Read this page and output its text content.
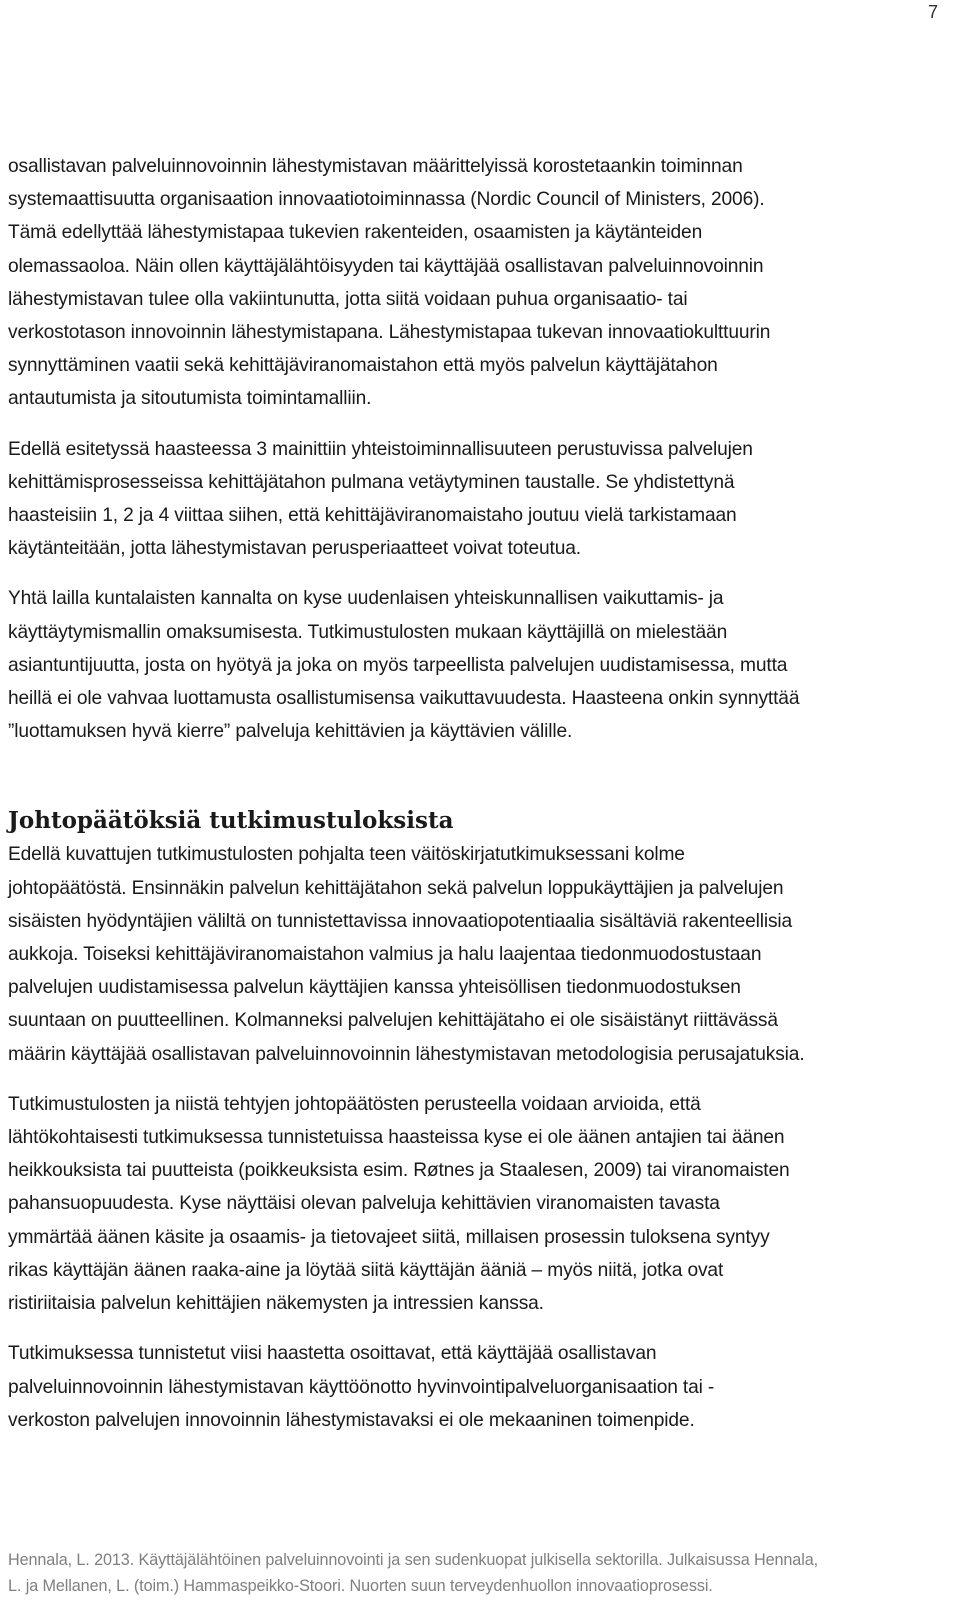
7

osallistavan palveluinnovoinnin lähestymistavan määrittelyissä korostetaankin toiminnan
systemaattisuutta organisaation innovaatiotoiminnassa (Nordic Council of Ministers, 2006).
Tämä edellyttää lähestymistapaa tukevien rakenteiden, osaamisten ja käytänteiden
olemassaoloa. Näin ollen käyttäjälähtöisyyden tai käyttäjää osallistavan palveluinnovoinnin
lähestymistavan tulee olla vakiintunutta, jotta siitä voidaan puhua organisaatio- tai
verkostotason innovoinnin lähestymistapana. Lähestymistapaa tukevan innovaatiokulttuurin
synnyttäminen vaatii sekä kehittäjäviranomaistahon että myös palvelun käyttäjätahon
antautumista ja sitoutumista toimintamalliin.

Edellä esitetyssä haasteessa 3 mainittiin yhteistoiminnallisuuteen perustuvissa palvelujen
kehittämisprosesseissa kehittäjätahon pulmana vetäytyminen taustalle. Se yhdistettynä
haasteisiin 1, 2 ja 4 viittaa siihen, että kehittäjäviranomaistaho joutuu vielä tarkistamaan
käytänteitään, jotta lähestymistavan perusperiaatteet voivat toteutua.

Yhtä lailla kuntalaisten kannalta on kyse uudenlaisen yhteiskunnallisen vaikuttamis- ja
käyttäytymismallin omaksumisesta. Tutkimustulosten mukaan käyttäjillä on mielestään
asiantuntijuutta, josta on hyötyä ja joka on myös tarpeellista palvelujen uudistamisessa, mutta
heillä ei ole vahvaa luottamusta osallistumisensa vaikuttavuudesta. Haasteena onkin synnyttää
”luottamuksen hyvä kierre” palveluja kehittävien ja käyttävien välille.

Johtopäätöksiä tutkimustuloksista

Edellä kuvattujen tutkimustulosten pohjalta teen väitöskirjatutkimuksessani kolme
johtopäätöstä. Ensinnäkin palvelun kehittäjätahon sekä palvelun loppukäyttäjien ja palvelujen
sisäisten hyödyntäjien väliltä on tunnistettavissa innovaatiopotentiaalia sisältäviä rakenteellisia
aukkoja. Toiseksi kehittäjäviranomaistahon valmius ja halu laajentaa tiedonmuodostustaan
palvelujen uudistamisessa palvelun käyttäjien kanssa yhteisöllisen tiedonmuodostuksen
suuntaan on puutteellinen. Kolmanneksi palvelujen kehittäjätaho ei ole sisäistänyt riittävässä
määrin käyttäjää osallistavan palveluinnovoinnin lähestymistavan metodologisia perusajatuksia.

Tutkimustulosten ja niistä tehtyjen johtopäätösten perusteella voidaan arvioida, että
lähtökohtaisesti tutkimuksessa tunnistetuissa haasteissa kyse ei ole äänen antajien tai äänen
heikkouksista tai puutteista (poikkeuksista esim. Røtnes ja Staalesen, 2009) tai viranomaisten
pahansuopuudesta. Kyse näyttäisi olevan palveluja kehittävien viranomaisten tavasta
ymmärtää äänen käsite ja osaamis- ja tietovajeet siitä, millaisen prosessin tuloksena syntyy
rikas käyttäjän äänen raaka-aine ja löytää siitä käyttäjän ääniä – myös niitä, jotka ovat
ristiriitaisia palvelun kehittäjien näkemysten ja intressien kanssa.

Tutkimuksessa tunnistetut viisi haastetta osoittavat, että käyttäjää osallistavan
palveluinnovoinnin lähestymistavan käyttöönotto hyvinvointipalveluorganisaation tai -
verkoston palvelujen innovoinnin lähestymistavaksi ei ole mekaaninen toimenpide.

Hennala, L. 2013. Käyttäjälähtöinen palveluinnovointi ja sen sudenkuopat julkisella sektorilla. Julkaisussa Hennala,
L. ja Mellanen, L. (toim.) Hammaspeikko-Stoori. Nuorten suun terveydenhuollon innovaatioprosessi.
